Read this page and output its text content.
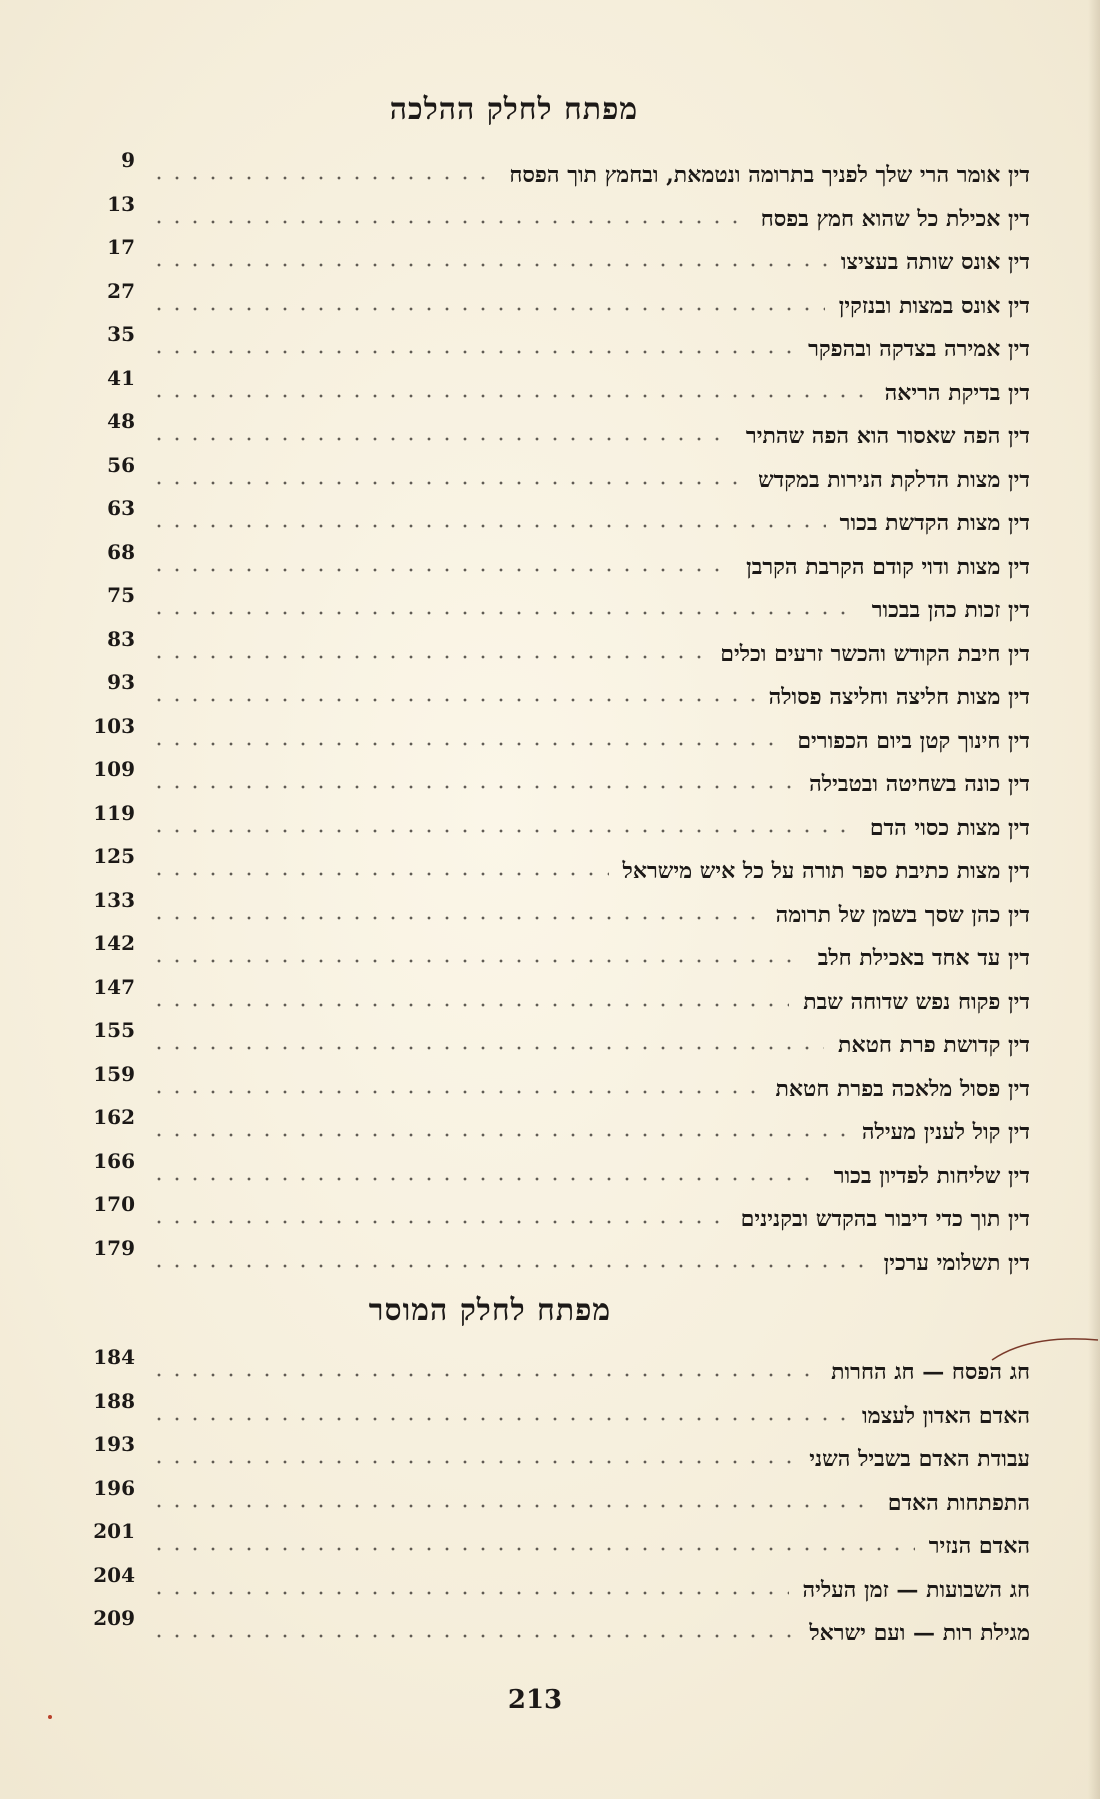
מפתח לחלק ההלכה
דין אומר הרי שלך לפניך בתרומה ונטמאת, ובחמץ תוך הפסח
9
דין אכילת כל שהוא חמץ בפסח
13
דין אונס שותה בעציצו
17
דין אונס במצות ובנזקין
27
דין אמירה בצדקה ובהפקר
35
דין בדיקת הריאה
41
דין הפה שאסור הוא הפה שהתיר
48
דין מצות הדלקת הנירות במקדש
56
דין מצות הקדשת בכור
63
דין מצות ודוי קודם הקרבת הקרבן
68
דין זכות כהן בבכור
75
דין חיבת הקודש והכשר זרעים וכלים
83
דין מצות חליצה וחליצה פסולה
93
דין חינוך קטן ביום הכפורים
103
דין כונה בשחיטה ובטבילה
109
דין מצות כסוי הדם
119
דין מצות כתיבת ספר תורה על כל איש מישראל
125
דין כהן שסך בשמן של תרומה
133
דין עד אחד באכילת חלב
142
דין פקוח נפש שדוחה שבת
147
דין קדושת פרת חטאת
155
דין פסול מלאכה בפרת חטאת
159
דין קול לענין מעילה
162
דין שליחות לפדיון בכור
166
דין תוך כדי דיבור בהקדש ובקנינים
170
דין תשלומי ערכין
179
מפתח לחלק המוסר
חג הפסח — חג החרות
184
האדם האדון לעצמו
188
עבודת האדם בשביל השני
193
התפתחות האדם
196
האדם הנזיר
201
חג השבועות — זמן העליה
204
מגילת רות — ועם ישראל
209
213
